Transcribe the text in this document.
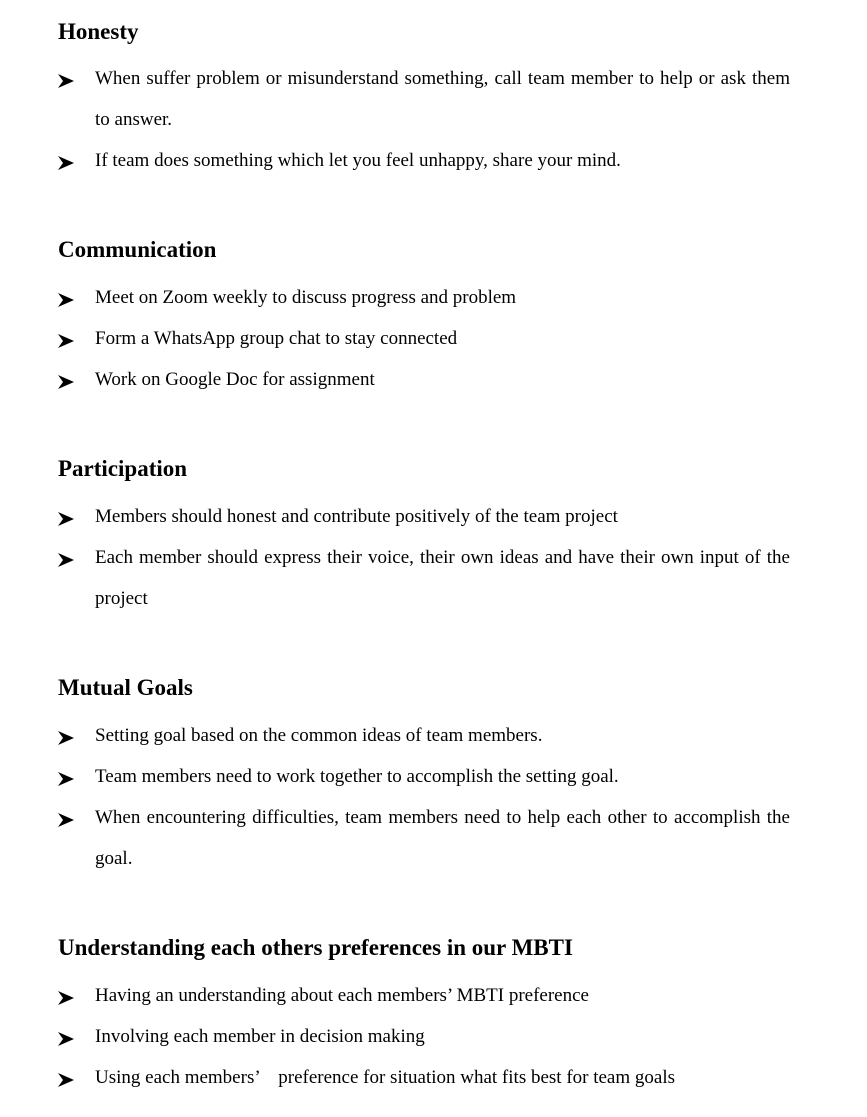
Honesty
When suffer problem or misunderstand something, call team member to help or ask them to answer.
If team does something which let you feel unhappy, share your mind.
Communication
Meet on Zoom weekly to discuss progress and problem
Form a WhatsApp group chat to stay connected
Work on Google Doc for assignment
Participation
Members should honest and contribute positively of the team project
Each member should express their voice, their own ideas and have their own input of the project
Mutual Goals
Setting goal based on the common ideas of team members.
Team members need to work together to accomplish the setting goal.
When encountering difficulties, team members need to help each other to accomplish the goal.
Understanding each others preferences in our MBTI
Having an understanding about each members’ MBTI preference
Involving each member in decision making
Using each members’    preference for situation what fits best for team goals
